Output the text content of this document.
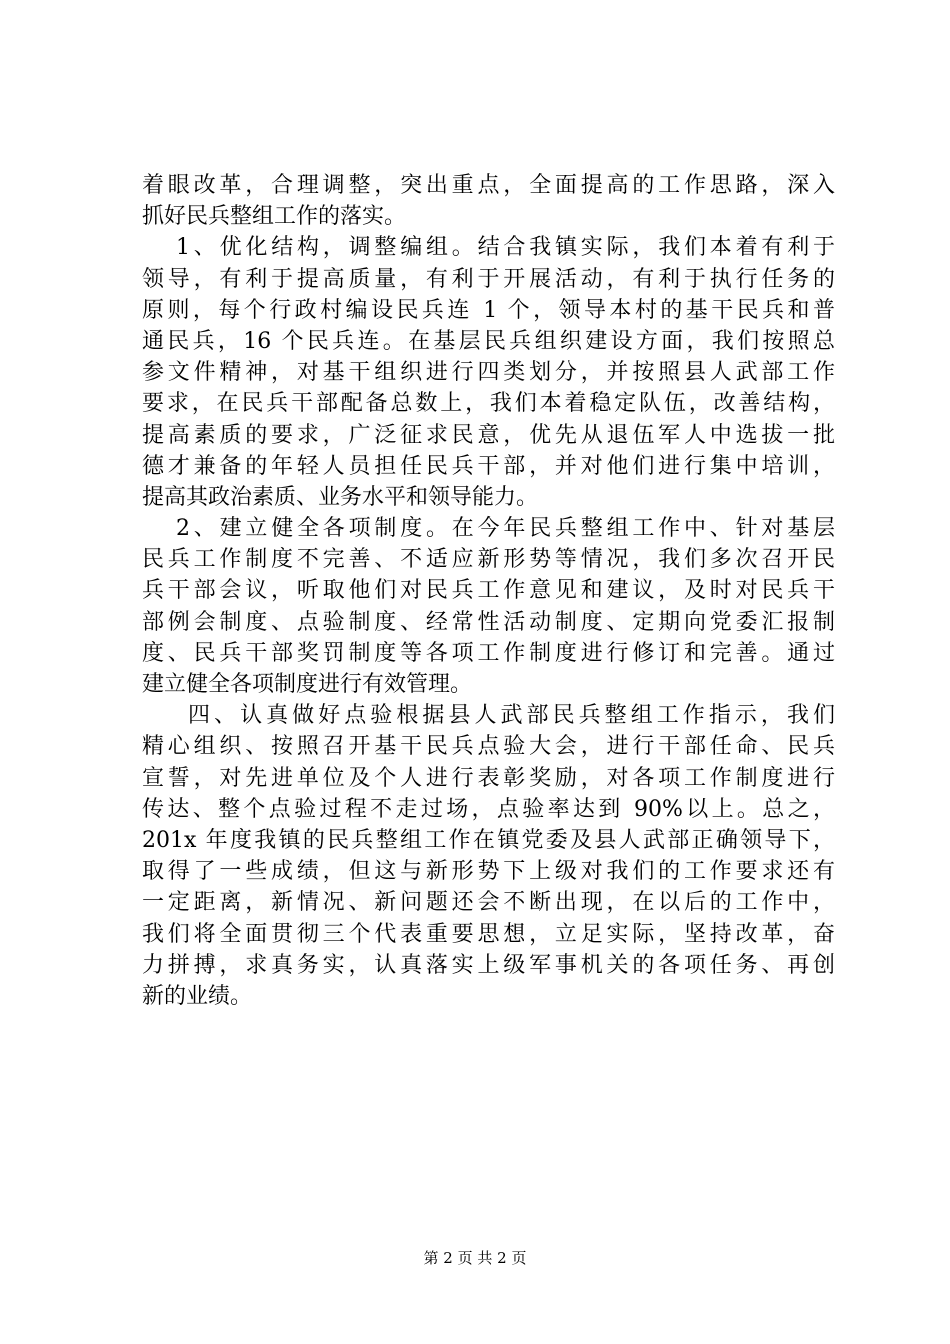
着眼改革，合理调整，突出重点，全面提高的工作思路，深入
抓好民兵整组工作的落实。
1、优化结构，调整编组。结合我镇实际，我们本着有利于
领导，有利于提高质量，有利于开展活动，有利于执行任务的
原则，每个行政村编设民兵连 1 个，领导本村的基干民兵和普
通民兵，16 个民兵连。在基层民兵组织建设方面，我们按照总
参文件精神，对基干组织进行四类划分，并按照县人武部工作
要求，在民兵干部配备总数上，我们本着稳定队伍，改善结构，
提高素质的要求，广泛征求民意，优先从退伍军人中选拔一批
德才兼备的年轻人员担任民兵干部，并对他们进行集中培训，
提高其政治素质、业务水平和领导能力。
2、建立健全各项制度。在今年民兵整组工作中、针对基层
民兵工作制度不完善、不适应新形势等情况，我们多次召开民
兵干部会议，听取他们对民兵工作意见和建议，及时对民兵干
部例会制度、点验制度、经常性活动制度、定期向党委汇报制
度、民兵干部奖罚制度等各项工作制度进行修订和完善。通过
建立健全各项制度进行有效管理。
四、认真做好点验根据县人武部民兵整组工作指示，我们
精心组织、按照召开基干民兵点验大会，进行干部任命、民兵
宣誓，对先进单位及个人进行表彰奖励，对各项工作制度进行
传达、整个点验过程不走过场，点验率达到 90%以上。总之，
201x 年度我镇的民兵整组工作在镇党委及县人武部正确领导下，
取得了一些成绩，但这与新形势下上级对我们的工作要求还有
一定距离，新情况、新问题还会不断出现，在以后的工作中，
我们将全面贯彻三个代表重要思想，立足实际，坚持改革，奋
力拼搏，求真务实，认真落实上级军事机关的各项任务、再创
新的业绩。
第 2 页 共 2 页
